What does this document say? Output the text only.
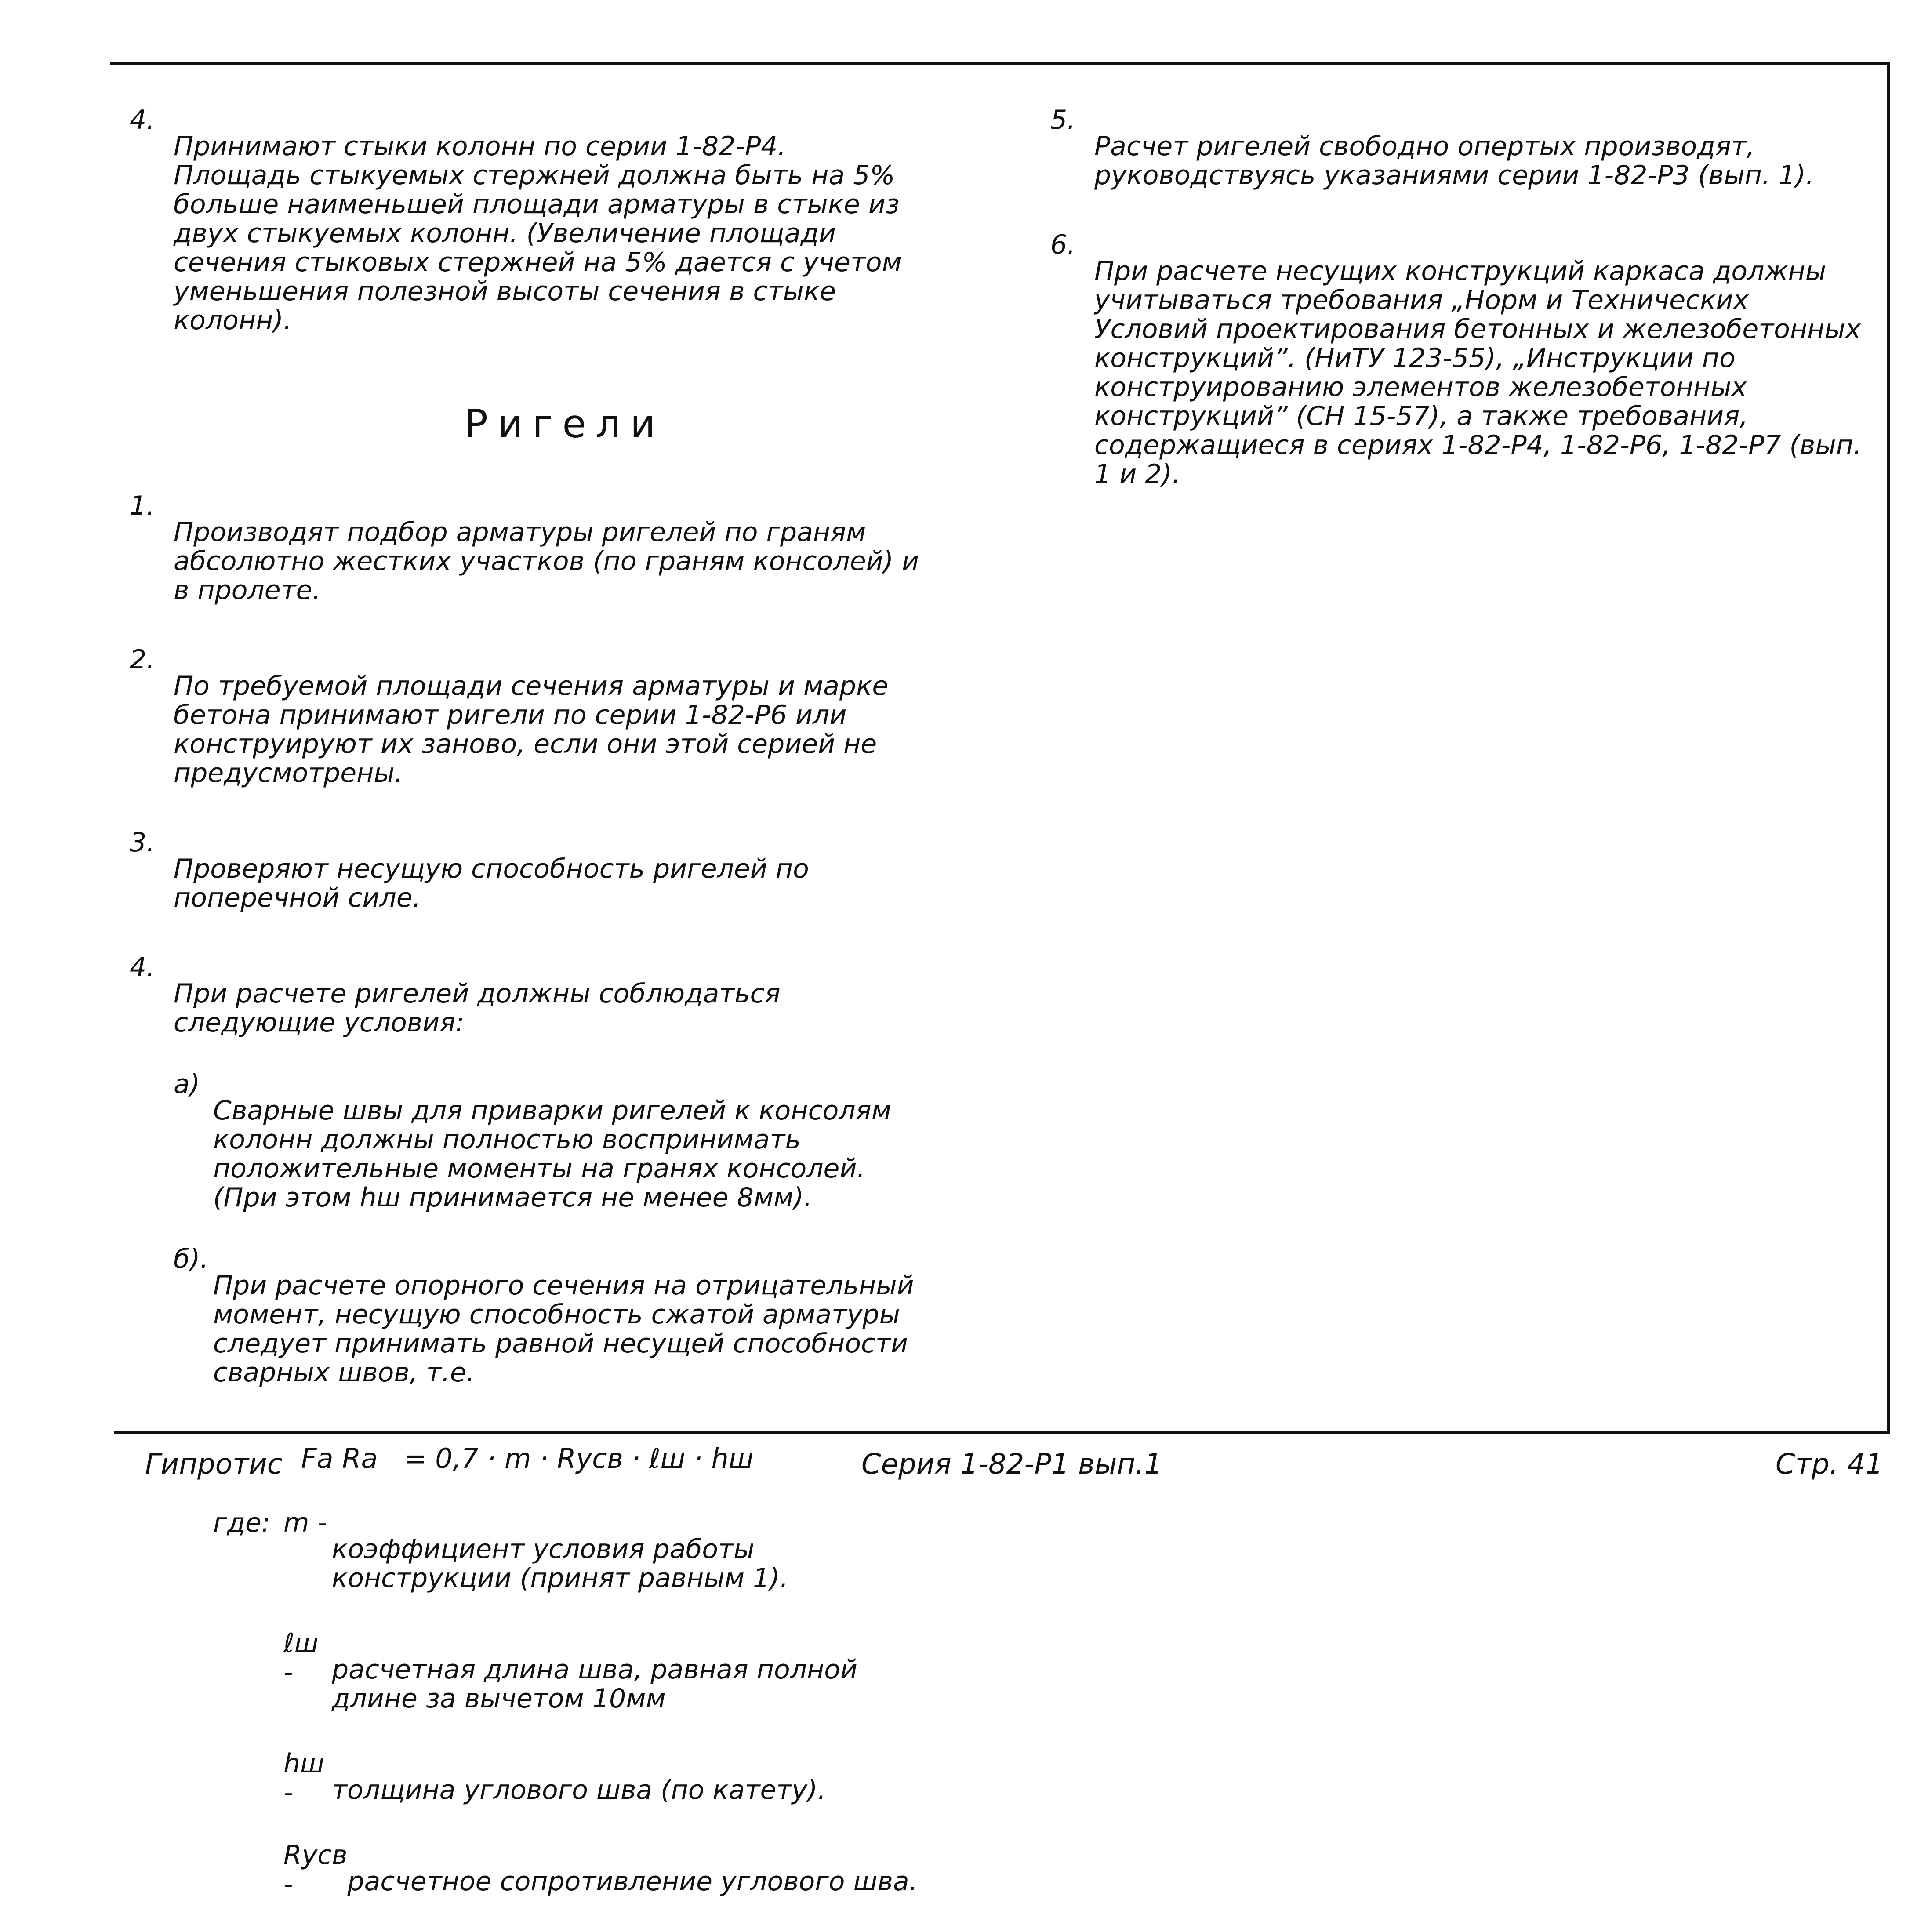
4.

Принимают стыки колонн по серии 1-82-P4. Площадь стыкуемых стержней должна быть на 5% больше наименьшей площади арматуры в стыке из двух стыкуемых колонн. (Увеличение площади сечения стыковых стержней на 5% дается с учетом уменьшения полезной высоты сечения в стыке колонн).

Ригели
1.

Производят подбор арматуры ригелей по граням абсолютно жестких участков (по граням консолей) и в пролете.

2.

По требуемой площади сечения арматуры и марке бетона принимают ригели по серии 1-82-P6 или конструируют их заново, если они этой серией не предусмотрены.

3.

Проверяют несущую способность ригелей по поперечной силе.

4.

При расчете ригелей должны соблюдаться следующие условия:

а)

Сварные швы для приварки ригелей к консолям колонн должны полностью воспринимать положительные моменты на гранях консолей. (При этом hш принимается не менее 8мм).

б).

При расчете опорного сечения на отрицательный момент, несущую способность сжатой арматуры следует принимать равной несущей способности сварных швов, т.е.

Fа Rа = 0,7 · m · Rусв · ℓш · hш
где: m -

коэффициент условия работы конструкции (принят равным 1).

ℓш -	расчетная длина шва, равная полной длине за вычетом 10мм

hш -	толщина углового шва (по катету).

Rусв -	расчетное сопротивление углового шва.

5.

Расчет ригелей свободно опертых производят, руководствуясь указаниями серии 1-82-P3 (вып. 1).

6.

При расчете несущих конструкций каркаса должны учитываться требования „Норм и Технических Условий проектирования бетонных и железобетонных конструкций”. (НиТУ 123-55), „Инструкции по конструированию элементов железобетонных конструкций” (СН 15-57), а также требования, содержащиеся в сериях 1-82-P4, 1-82-P6, 1-82-P7 (вып. 1 и 2).

Гипротис	Серия 1-82-P1 вып.1	Стр. 41
